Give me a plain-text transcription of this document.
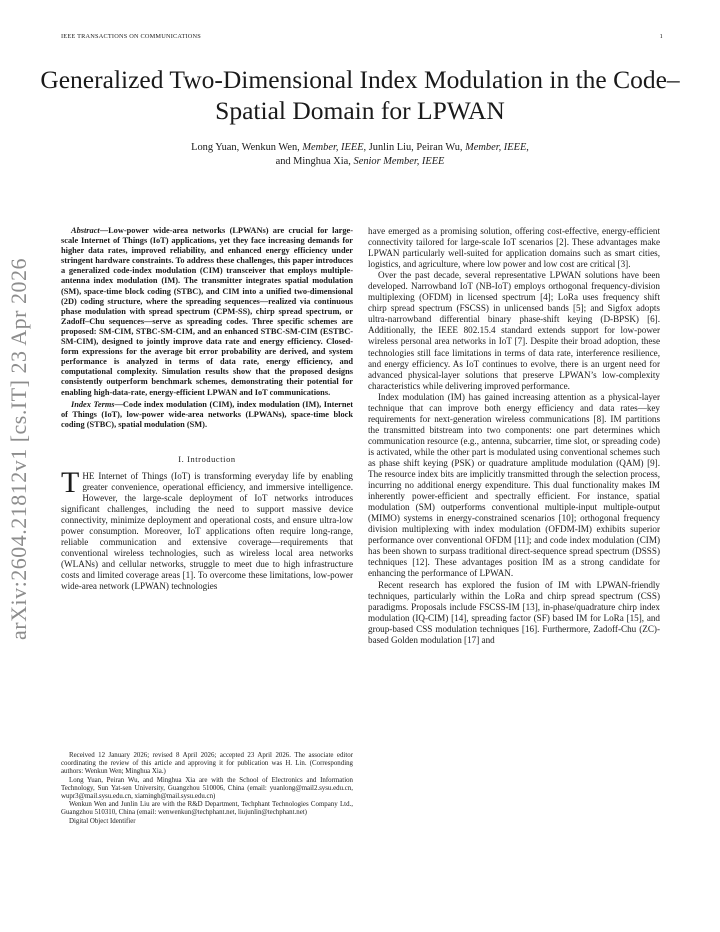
IEEE TRANSACTIONS ON COMMUNICATIONS	1
Generalized Two-Dimensional Index Modulation in the Code–Spatial Domain for LPWAN
Long Yuan, Wenkun Wen, Member, IEEE, Junlin Liu, Peiran Wu, Member, IEEE,
and Minghua Xia, Senior Member, IEEE
arXiv:2604.21812v1 [cs.IT] 23 Apr 2026

Abstract—Low-power wide-area networks (LPWANs) are crucial for large-scale Internet of Things (IoT) applications, yet they face increasing demands for higher data rates, improved reliability, and enhanced energy efficiency under stringent hardware constraints. To address these challenges, this paper introduces a generalized code-index modulation (CIM) transceiver that employs multiple-antenna index modulation (IM). The transmitter integrates spatial modulation (SM), space-time block coding (STBC), and CIM into a unified two-dimensional (2D) coding structure, where the spreading sequences—realized via continuous phase modulation with spread spectrum (CPM-SS), chirp spread spectrum, or Zadoff–Chu sequences—serve as spreading codes. Three specific schemes are proposed: SM-CIM, STBC-SM-CIM, and an enhanced STBC-SM-CIM (ESTBC-SM-CIM), designed to jointly improve data rate and energy efficiency. Closed-form expressions for the average bit error probability are derived, and system performance is analyzed in terms of data rate, energy efficiency, and computational complexity. Simulation results show that the proposed designs consistently outperform benchmark schemes, demonstrating their potential for enabling high-data-rate, energy-efficient LPWAN and IoT communications.

Index Terms—Code index modulation (CIM), index modulation (IM), Internet of Things (IoT), low-power wide-area networks (LPWANs), space-time block coding (STBC), spatial modulation (SM).

I. Introduction

THE Internet of Things (IoT) is transforming everyday life by enabling greater convenience, operational efficiency, and immersive intelligence. However, the large-scale deployment of IoT networks introduces significant challenges, including the need to support massive device connectivity, minimize deployment and operational costs, and ensure ultra-low power consumption. Moreover, IoT applications often require long-range, reliable communication and extensive coverage—requirements that conventional wireless technologies, such as wireless local area networks (WLANs) and cellular networks, struggle to meet due to high infrastructure costs and limited coverage areas [1]. To overcome these limitations, low-power wide-area network (LPWAN) technologies

Received 12 January 2026; revised 8 April 2026; accepted 23 April 2026. The associate editor coordinating the review of this article and approving it for publication was H. Lin. (Corresponding authors: Wenkun Wen; Minghua Xia.)

Long Yuan, Peiran Wu, and Minghua Xia are with the School of Electronics and Information Technology, Sun Yat-sen University, Guangzhou 510006, China (email: yuanlong@mail2.sysu.edu.cn, wupr3@mail.sysu.edu.cn, xiamingh@mail.sysu.edu.cn)

Wenkun Wen and Junlin Liu are with the R&D Department, Techphant Technologies Company Ltd., Guangzhou 510310, China (email: wenwenkun@techphant.net, liujunlin@techphant.net)

Digital Object Identifier

have emerged as a promising solution, offering cost-effective, energy-efficient connectivity tailored for large-scale IoT scenarios [2]. These advantages make LPWAN particularly well-suited for application domains such as smart cities, logistics, and agriculture, where low power and low cost are critical [3].

Over the past decade, several representative LPWAN solutions have been developed. Narrowband IoT (NB-IoT) employs orthogonal frequency-division multiplexing (OFDM) in licensed spectrum [4]; LoRa uses frequency shift chirp spread spectrum (FSCSS) in unlicensed bands [5]; and Sigfox adopts ultra-narrowband differential binary phase-shift keying (D-BPSK) [6]. Additionally, the IEEE 802.15.4 standard extends support for low-power wireless personal area networks in IoT [7]. Despite their broad adoption, these technologies still face limitations in terms of data rate, interference resilience, and energy efficiency. As IoT continues to evolve, there is an urgent need for advanced physical-layer solutions that preserve LPWAN’s low-complexity characteristics while delivering improved performance.

Index modulation (IM) has gained increasing attention as a physical-layer technique that can improve both energy efficiency and data rates—key requirements for next-generation wireless communications [8]. IM partitions the transmitted bitstream into two components: one part determines which communication resource (e.g., antenna, subcarrier, time slot, or spreading code) is activated, while the other part is modulated using conventional schemes such as phase shift keying (PSK) or quadrature amplitude modulation (QAM) [9]. The resource index bits are implicitly transmitted through the selection process, incurring no additional energy expenditure. This dual functionality makes IM inherently power-efficient and spectrally efficient. For instance, spatial modulation (SM) outperforms conventional multiple-input multiple-output (MIMO) systems in energy-constrained scenarios [10]; orthogonal frequency division multiplexing with index modulation (OFDM-IM) exhibits superior performance over conventional OFDM [11]; and code index modulation (CIM) has been shown to surpass traditional direct-sequence spread spectrum (DSSS) techniques [12]. These advantages position IM as a strong candidate for enhancing the performance of LPWAN.

Recent research has explored the fusion of IM with LPWAN-friendly techniques, particularly within the LoRa and chirp spread spectrum (CSS) paradigms. Proposals include FSCSS-IM [13], in-phase/quadrature chirp index modulation (IQ-CIM) [14], spreading factor (SF) based IM for LoRa [15], and group-based CSS modulation techniques [16]. Furthermore, Zadoff-Chu (ZC)-based Golden modulation [17] and
